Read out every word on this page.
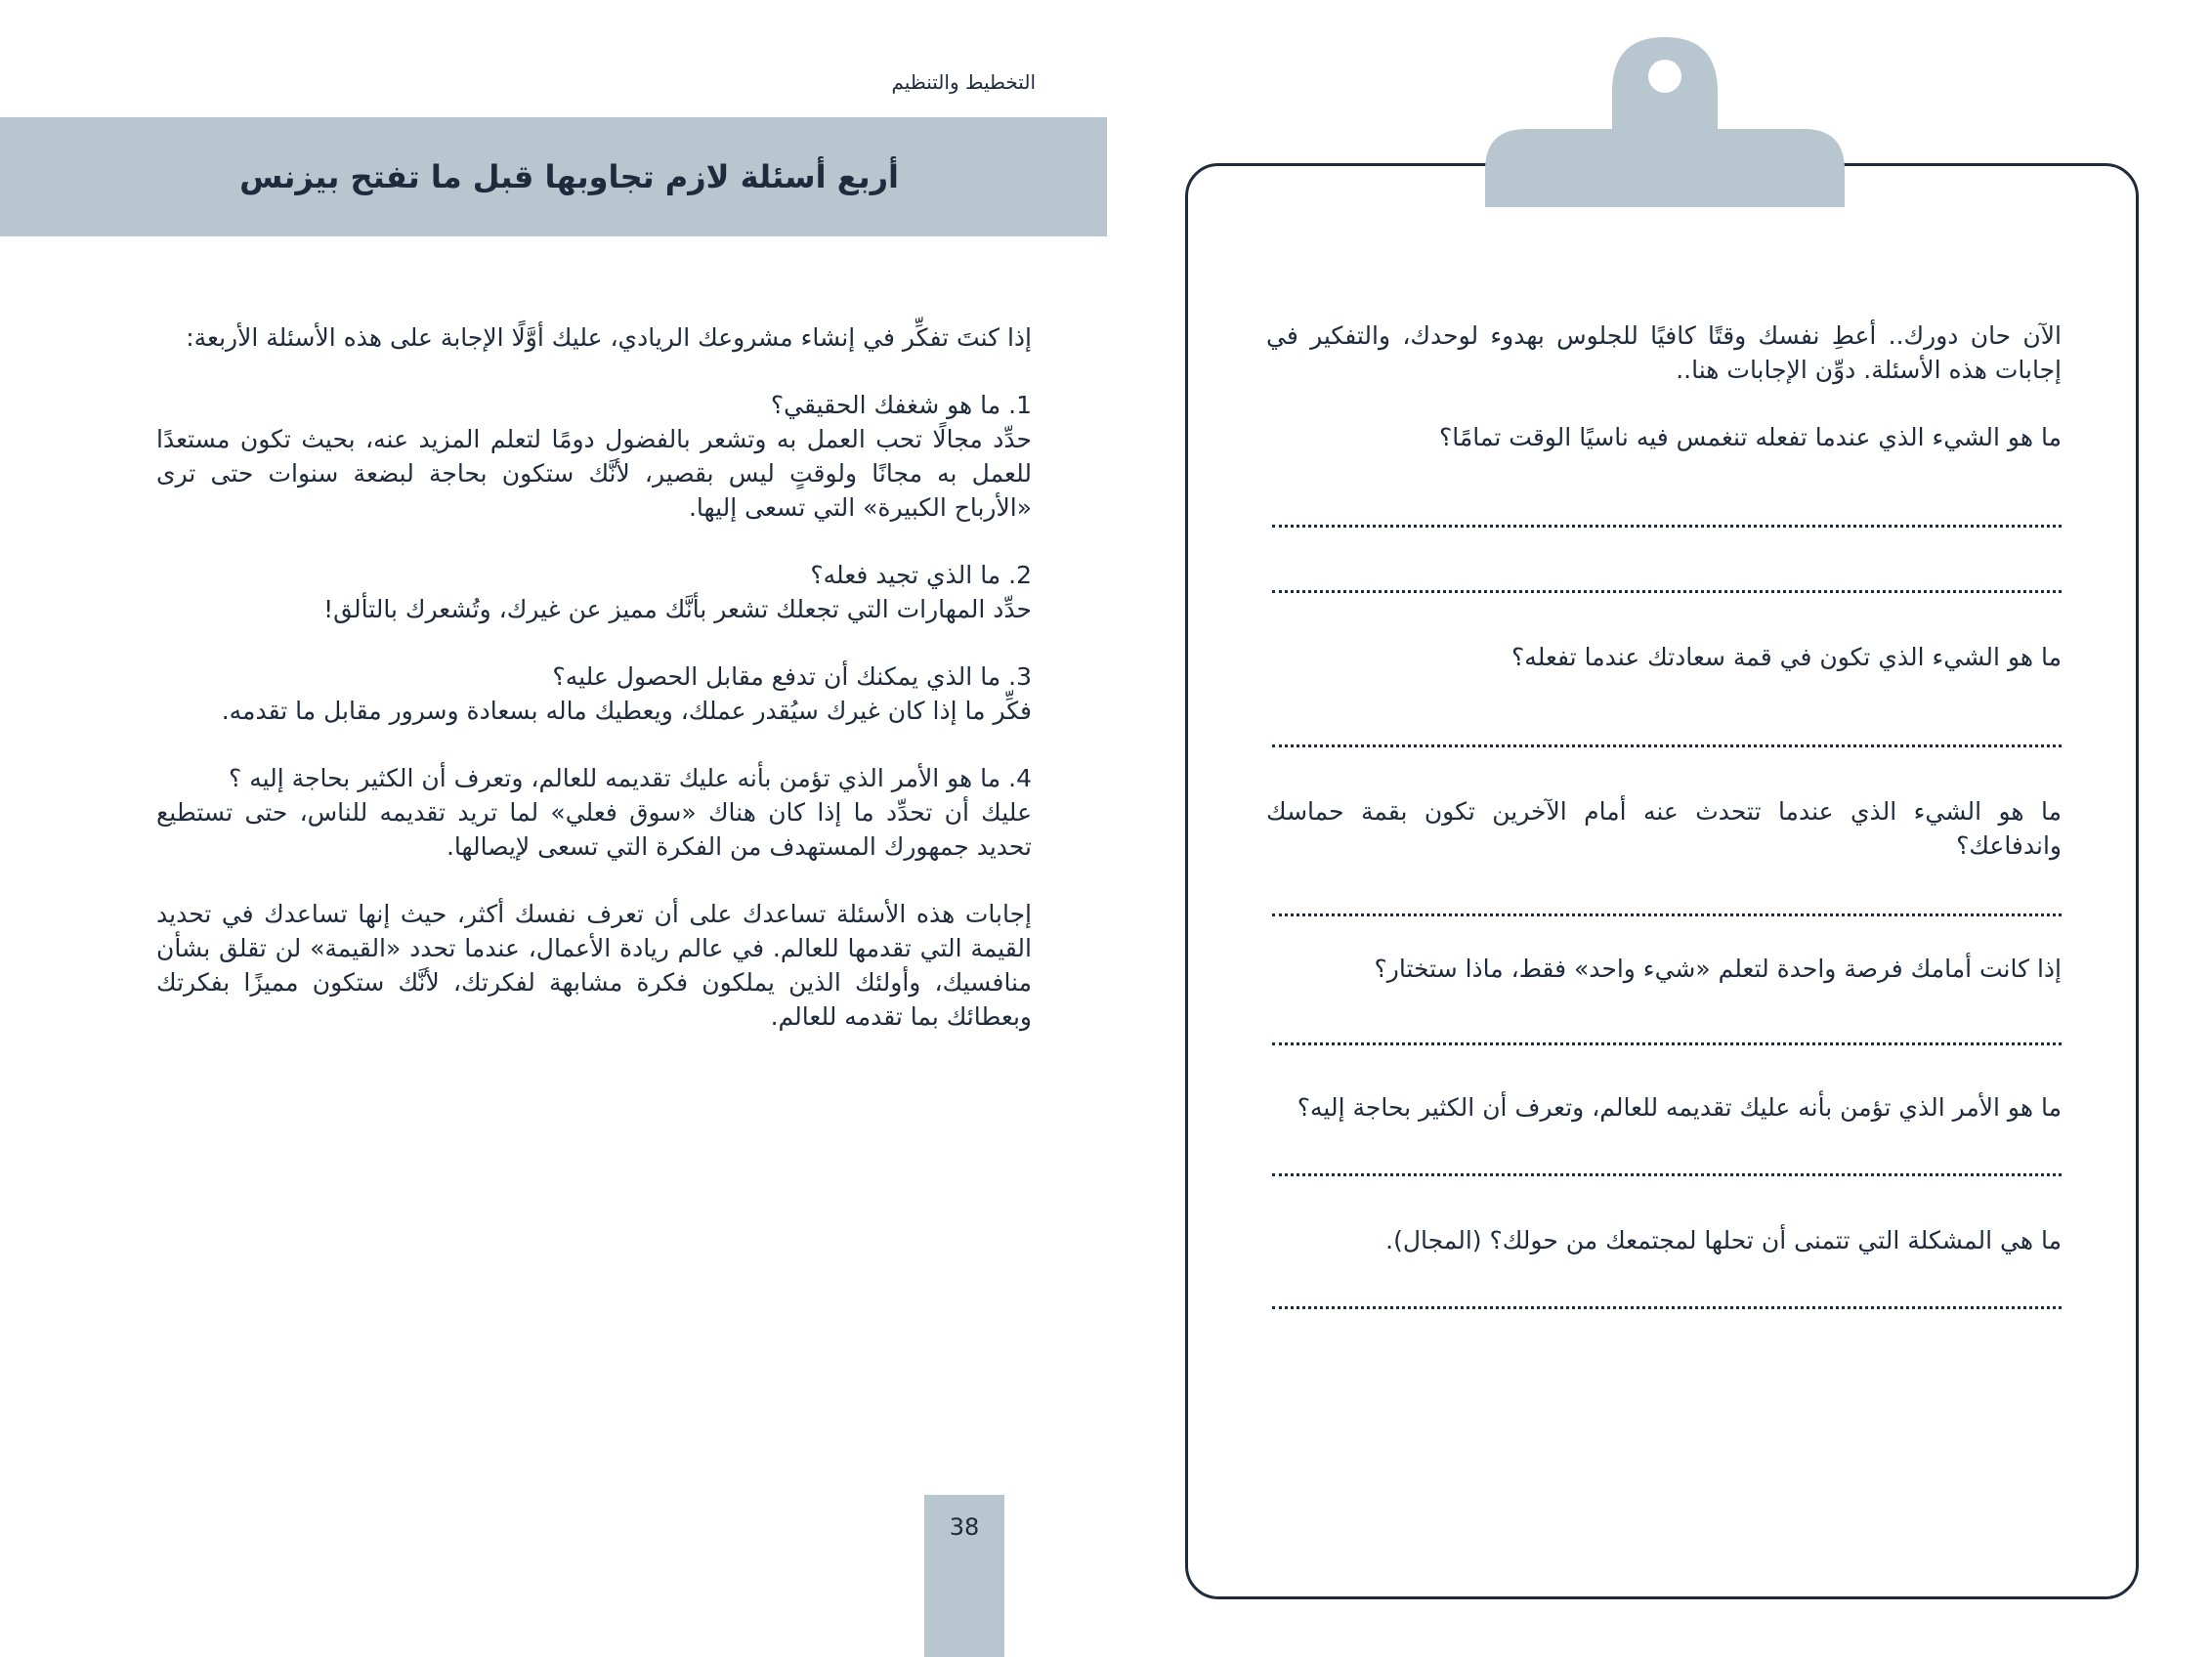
التخطيط والتنظيم
أربع أسئلة لازم تجاوبها قبل ما تفتح بيزنس

إذا كنتَ تفكِّر في إنشاء مشروعك الريادي، عليك أوَّلًا الإجابة على هذه الأسئلة الأربعة:

1. ما هو شغفك الحقيقي؟
حدِّد مجالًا تحب العمل به وتشعر بالفضول دومًا لتعلم المزيد عنه، بحيث تكون مستعدًا للعمل به مجانًا ولوقتٍ ليس بقصير، لأنَّك ستكون بحاجة لبضعة سنوات حتى ترى «الأرباح الكبيرة» التي تسعى إليها.

2. ما الذي تجيد فعله؟
حدِّد المهارات التي تجعلك تشعر بأنَّك مميز عن غيرك، وتُشعرك بالتألق!

3. ما الذي يمكنك أن تدفع مقابل الحصول عليه؟
فكِّر ما إذا كان غيرك سيُقدر عملك، ويعطيك ماله بسعادة وسرور مقابل ما تقدمه.

4. ما هو الأمر الذي تؤمن بأنه عليك تقديمه للعالم، وتعرف أن الكثير بحاجة إليه ؟
عليك أن تحدِّد ما إذا كان هناك «سوق فعلي» لما تريد تقديمه للناس، حتى تستطيع تحديد جمهورك المستهدف من الفكرة التي تسعى لإيصالها.

إجابات هذه الأسئلة تساعدك على أن تعرف نفسك أكثر، حيث إنها تساعدك في تحديد القيمة التي تقدمها للعالم. في عالم ريادة الأعمال، عندما تحدد «القيمة» لن تقلق بشأن منافسيك، وأولئك الذين يملكون فكرة مشابهة لفكرتك، لأنَّك ستكون مميزًا بفكرتك وبعطائك بما تقدمه للعالم.

38

الآن حان دورك.. أعطِ نفسك وقتًا كافيًا للجلوس بهدوء لوحدك، والتفكير في إجابات هذه الأسئلة. دوِّن الإجابات هنا..

ما هو الشيء الذي عندما تفعله تنغمس فيه ناسيًا الوقت تمامًا؟

ما هو الشيء الذي تكون في قمة سعادتك عندما تفعله؟

ما هو الشيء الذي عندما تتحدث عنه أمام الآخرين تكون بقمة حماسك واندفاعك؟

إذا كانت أمامك فرصة واحدة لتعلم «شيء واحد» فقط، ماذا ستختار؟

ما هو الأمر الذي تؤمن بأنه عليك تقديمه للعالم، وتعرف أن الكثير بحاجة إليه؟

ما هي المشكلة التي تتمنى أن تحلها لمجتمعك من حولك؟ (المجال).
